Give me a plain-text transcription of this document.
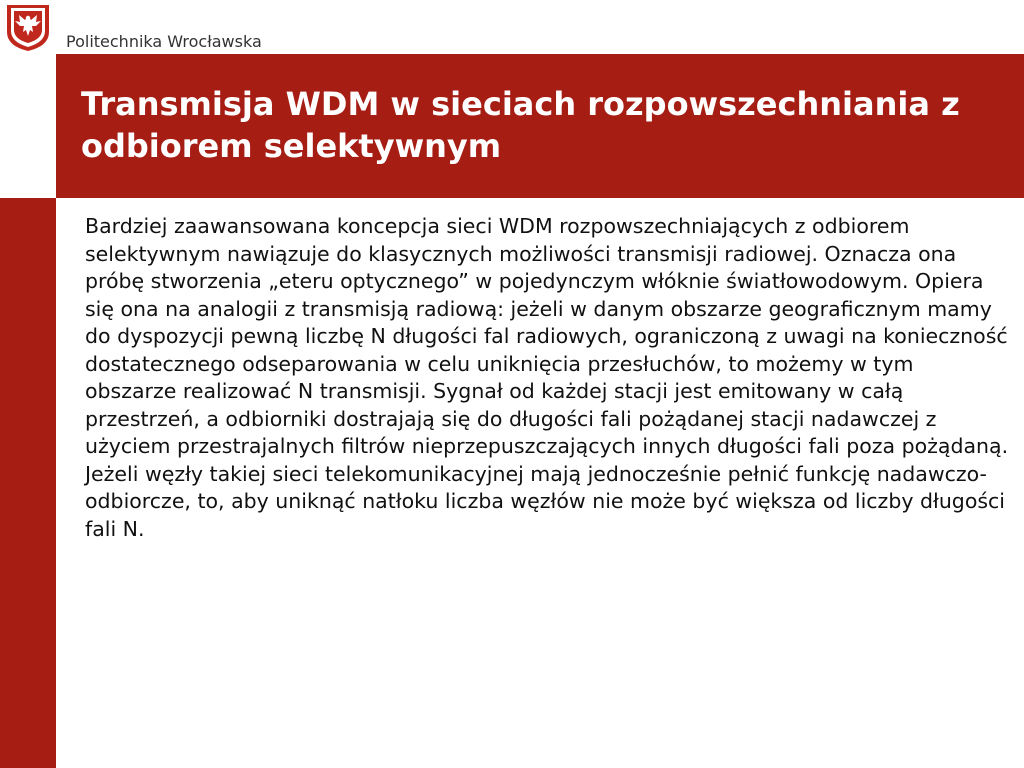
Politechnika Wrocławska
Transmisja WDM w sieciach rozpowszechniania z odbiorem selektywnym

Bardziej zaawansowana koncepcja sieci WDM rozpowszechniających z odbiorem selektywnym nawiązuje do klasycznych możliwości transmisji radiowej. Oznacza ona próbę stworzenia „eteru optycznego” w pojedynczym włóknie światłowodowym. Opiera się ona na analogii z transmisją radiową: jeżeli w danym obszarze geograficznym mamy do dyspozycji pewną liczbę N długości fal radiowych, ograniczoną z uwagi na konieczność dostatecznego odseparowania w celu uniknięcia przesłuchów, to możemy w tym obszarze realizować N transmisji. Sygnał od każdej stacji jest emitowany w całą przestrzeń, a odbiorniki dostrajają się do długości fali pożądanej stacji nadawczej z użyciem przestrajalnych filtrów nieprzepuszczających innych długości fali poza pożądaną. Jeżeli węzły takiej sieci telekomunikacyjnej mają jednocześnie pełnić funkcję nadawczo-odbiorcze, to, aby uniknąć natłoku liczba węzłów nie może być większa od liczby długości fali N.
